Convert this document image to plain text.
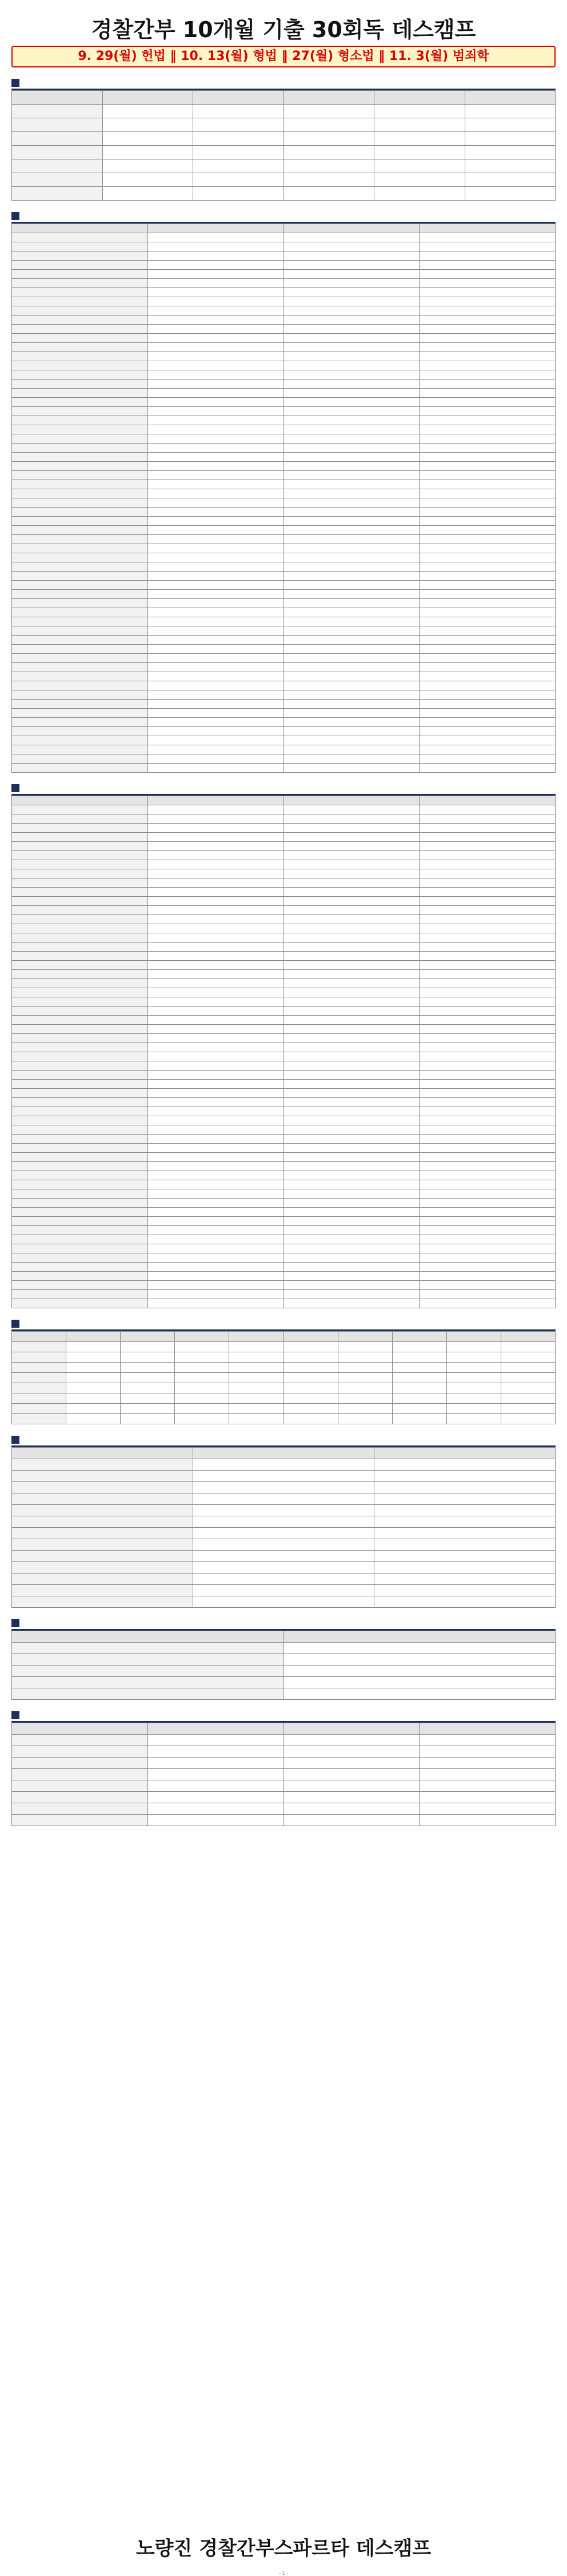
경찰간부 10개월 기출 30회독 데스캠프
9. 29(월) 헌법 ‖ 10. 13(월) 형법 ‖ 27(월) 형소법 ‖ 11. 3(월) 범죄학

노량진 경찰간부스파르타 데스캠프
- 1 -
